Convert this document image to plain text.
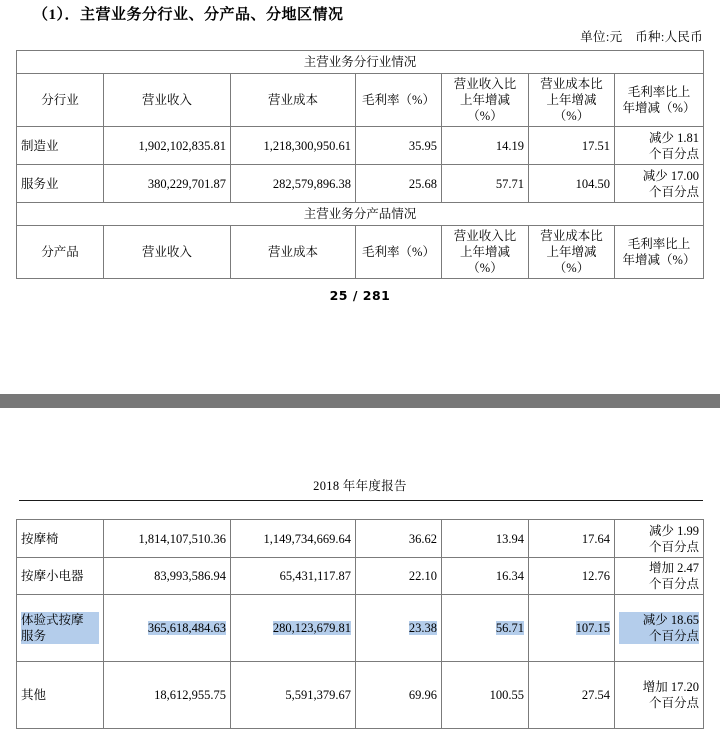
（1）．主营业务分行业、分产品、分地区情况
单位:元　币种:人民币
主营业务分行业情况						
分行业	营业收入	营业成本	毛利率（%）	营业收入比
上年增减
（%）	营业成本比
上年增减
（%）	毛利率比上
年增减（%）

制造业	1,902,102,835.81	1,218,300,950.61	35.95	14.19	17.51	减少 1.81
个百分点

服务业	380,229,701.87	282,579,896.38	25.68	57.71	104.50	减少 17.00
个百分点

主营业务分产品情况						
分产品	营业收入	营业成本	毛利率（%）	营业收入比
上年增减
（%）	营业成本比
上年增减
（%）	毛利率比上
年增减（%）
25 / 281
2018 年年度报告
按摩椅	1,814,107,510.36	1,149,734,669.64	36.62	13.94	17.64	减少 1.99
个百分点

按摩小电器	83,993,586.94	65,431,117.87	22.10	16.34	12.76	增加 2.47
个百分点

体验式按摩
服务	365,618,484.63	280,123,679.81	23.38	56.71	107.15	减少 18.65
个百分点

其他	18,612,955.75	5,591,379.67	69.96	100.55	27.54	增加 17.20
个百分点
